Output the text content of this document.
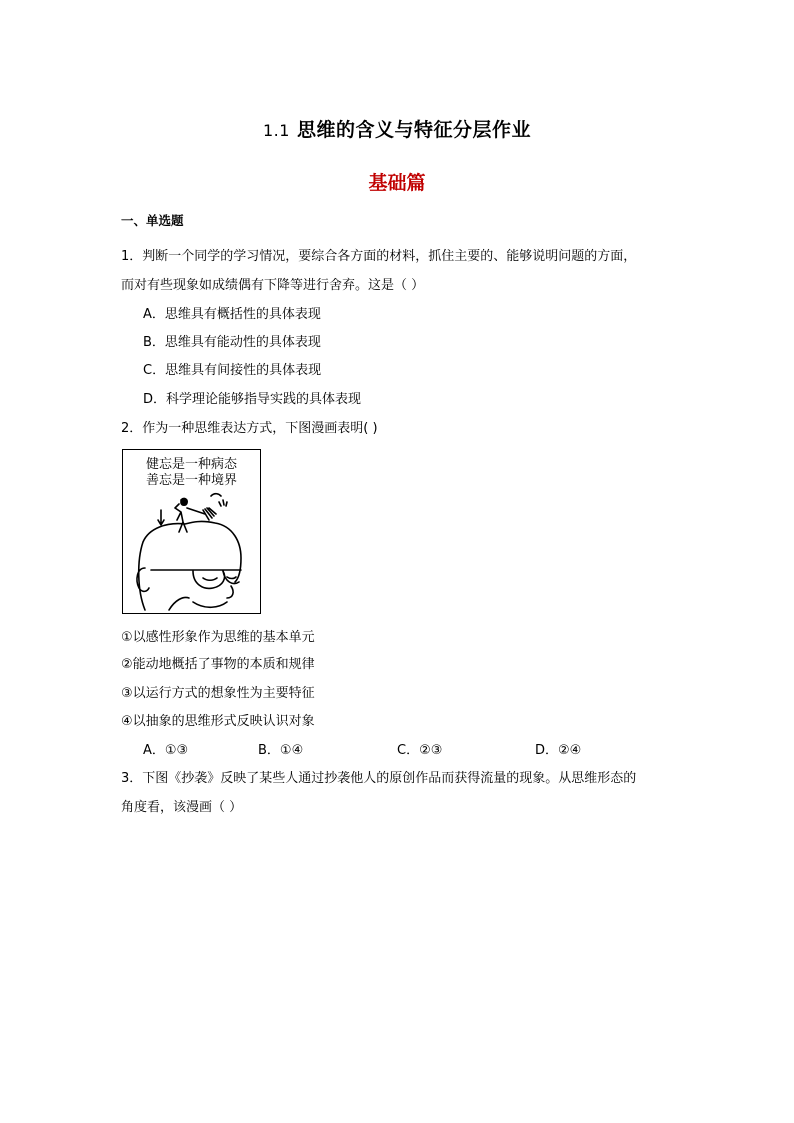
1.1 思维的含义与特征分层作业
基础篇
一、单选题
1．判断一个同学的学习情况，要综合各方面的材料，抓住主要的、能够说明问题的方面，
而对有些现象如成绩偶有下降等进行舍弃。这是（ ）
A．思维具有概括性的具体表现
B．思维具有能动性的具体表现
C．思维具有间接性的具体表现
D．科学理论能够指导实践的具体表现
2．作为一种思维表达方式，下图漫画表明( )
健忘是一种病态
善忘是一种境界
①以感性形象作为思维的基本单元
②能动地概括了事物的本质和规律
③以运行方式的想象性为主要特征
④以抽象的思维形式反映认识对象
A．①③	B．①④	C．②③	D．②④
3．下图《抄袭》反映了某些人通过抄袭他人的原创作品而获得流量的现象。从思维形态的
角度看，该漫画（ ）
